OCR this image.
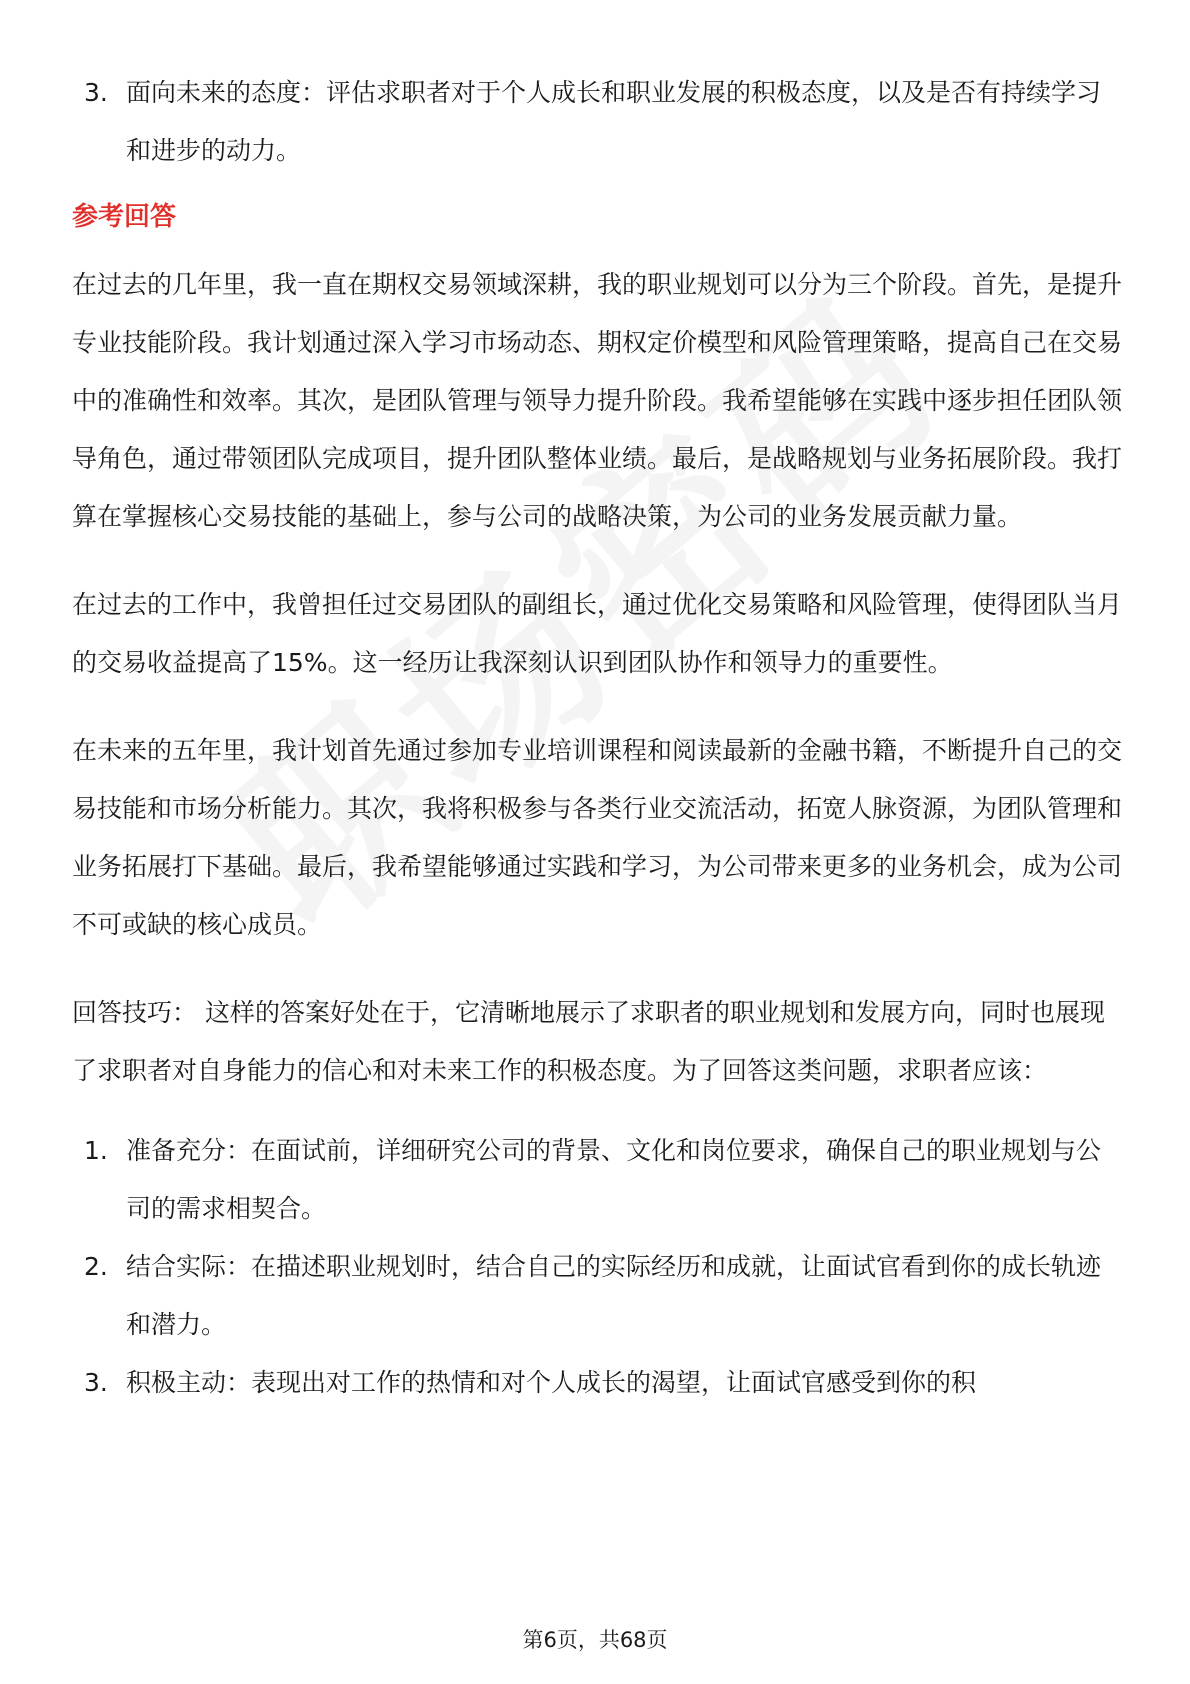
3. 面向未来的态度：评估求职者对于个人成长和职业发展的积极态度，以及是否有持续学习和进步的动力。
参考回答

在过去的几年里，我一直在期权交易领域深耕，我的职业规划可以分为三个阶段。首先，是提升专业技能阶段。我计划通过深入学习市场动态、期权定价模型和风险管理策略，提高自己在交易中的准确性和效率。其次，是团队管理与领导力提升阶段。我希望能够在实践中逐步担任团队领导角色，通过带领团队完成项目，提升团队整体业绩。最后，是战略规划与业务拓展阶段。我打算在掌握核心交易技能的基础上，参与公司的战略决策，为公司的业务发展贡献力量。

在过去的工作中，我曾担任过交易团队的副组长，通过优化交易策略和风险管理，使得团队当月的交易收益提高了15%。这一经历让我深刻认识到团队协作和领导力的重要性。

在未来的五年里，我计划首先通过参加专业培训课程和阅读最新的金融书籍，不断提升自己的交易技能和市场分析能力。其次，我将积极参与各类行业交流活动，拓宽人脉资源，为团队管理和业务拓展打下基础。最后，我希望能够通过实践和学习，为公司带来更多的业务机会，成为公司不可或缺的核心成员。

回答技巧： 这样的答案好处在于，它清晰地展示了求职者的职业规划和发展方向，同时也展现了求职者对自身能力的信心和对未来工作的积极态度。为了回答这类问题，求职者应该：

1. 准备充分：在面试前，详细研究公司的背景、文化和岗位要求，确保自己的职业规划与公司的需求相契合。
2. 结合实际：在描述职业规划时，结合自己的实际经历和成就，让面试官看到你的成长轨迹和潜力。
3. 积极主动：表现出对工作的热情和对个人成长的渴望，让面试官感受到你的积
第6页，共68页
